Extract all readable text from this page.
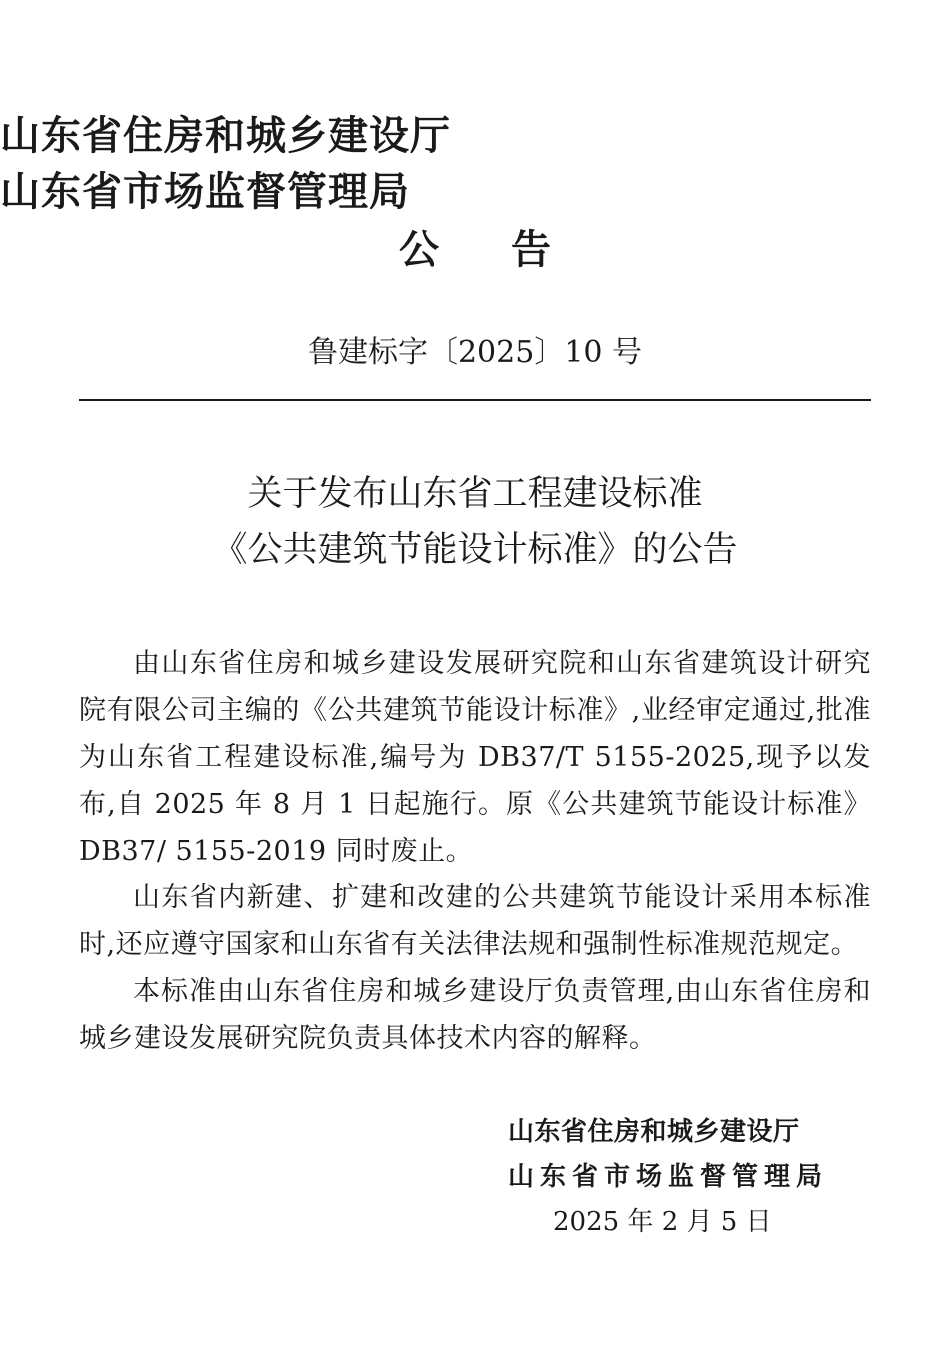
山东省住房和城乡建设厅
山东省市场监督管理局
公告
鲁建标字〔2025〕10 号
关于发布山东省工程建设标准
《公共建筑节能设计标准》的公告

由山东省住房和城乡建设发展研究院和山东省建筑设计研究院有限公司主编的《公共建筑节能设计标准》,业经审定通过,批准为山东省工程建设标准,编号为 DB37/T 5155-2025,现予以发布,自 2025 年 8 月 1 日起施行。原《公共建筑节能设计标准》DB37/ 5155-2019 同时废止。

山东省内新建、扩建和改建的公共建筑节能设计采用本标准时,还应遵守国家和山东省有关法律法规和强制性标准规范规定。

本标准由山东省住房和城乡建设厅负责管理,由山东省住房和城乡建设发展研究院负责具体技术内容的解释。

山东省住房和城乡建设厅
山东省市场监督管理局
2025 年 2 月 5 日
